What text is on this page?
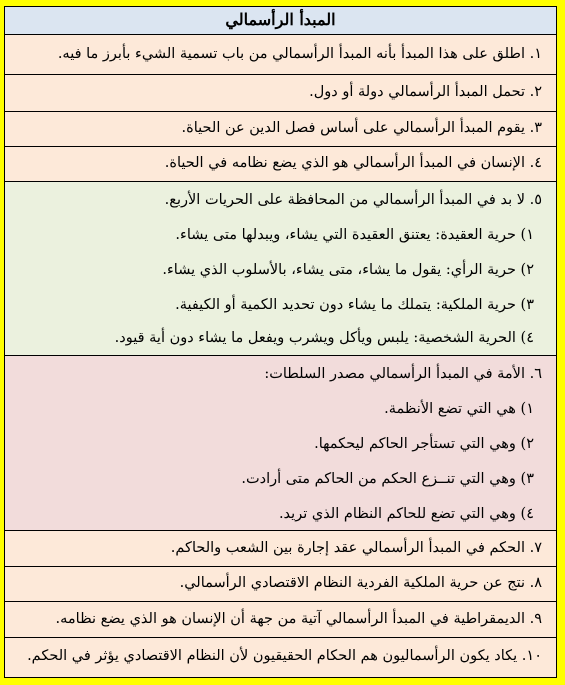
المبدأ الرأسمالي
١. اطلق على هذا المبدأ بأنه المبدأ الرأسمالي من باب تسمية الشيء بأبرز ما فيه.
٢. تحمل المبدأ الرأسمالي دولة أو دول.
٣. يقوم المبدأ الرأسمالي على أساس فصل الدين عن الحياة.
٤. الإنسان في المبدأ الرأسمالي هو الذي يضع نظامه في الحياة.
٥. لا بد في المبدأ الرأسمالي من المحافظة على الحريات الأربع.
١) حرية العقيدة: يعتنق العقيدة التي يشاء، ويبدلها متى يشاء.
٢) حرية الرأي: يقول ما يشاء، متى يشاء، بالأسلوب الذي يشاء.
٣) حرية الملكية: يتملك ما يشاء دون تحديد الكمية أو الكيفية.
٤) الحرية الشخصية: يلبس ويأكل ويشرب ويفعل ما يشاء دون أية قيود.
٦. الأمة في المبدأ الرأسمالي مصدر السلطات:
١) هي التي تضع الأنظمة.
٢) وهي التي تستأجر الحاكم ليحكمها.
٣) وهي التي تنــزع الحكم من الحاكم متى أرادت.
٤) وهي التي تضع للحاكم النظام الذي تريد.
٧. الحكم في المبدأ الرأسمالي عقد إجارة بين الشعب والحاكم.
٨. نتج عن حرية الملكية الفردية النظام الاقتصادي الرأسمالي.
٩. الديمقراطية في المبدأ الرأسمالي آتية من جهة أن الإنسان هو الذي يضع نظامه.
١٠. يكاد يكون الرأسماليون هم الحكام الحقيقيون لأن النظام الاقتصادي يؤثر في الحكم.
